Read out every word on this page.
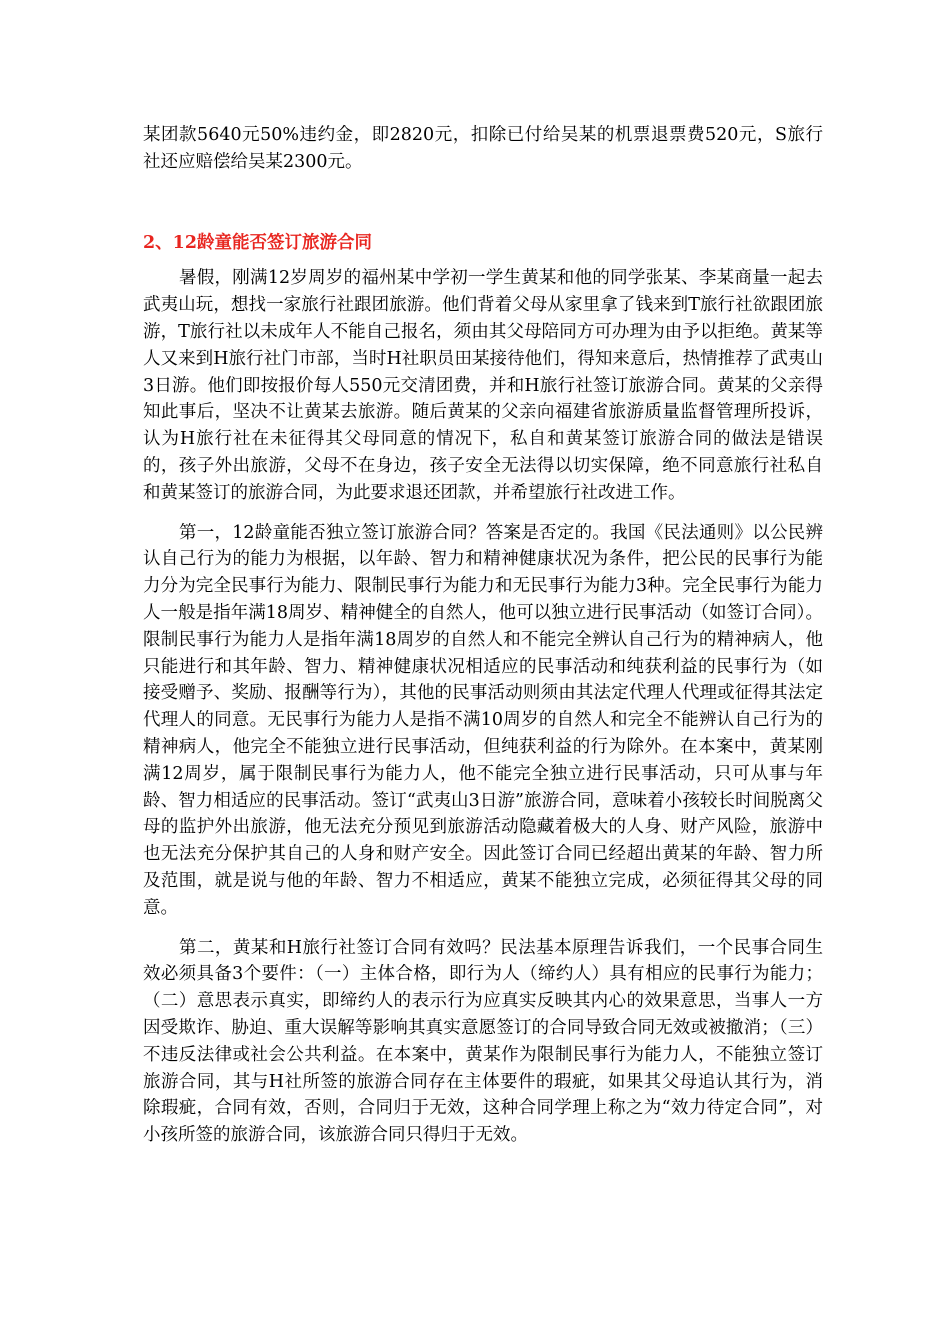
某团款5640元50%违约金，即2820元，扣除已付给吴某的机票退票费520元，S旅行社还应赔偿给吴某2300元。

2、12龄童能否签订旅游合同

暑假，刚满12岁周岁的福州某中学初一学生黄某和他的同学张某、李某商量一起去武夷山玩，想找一家旅行社跟团旅游。他们背着父母从家里拿了钱来到T旅行社欲跟团旅游，T旅行社以未成年人不能自己报名，须由其父母陪同方可办理为由予以拒绝。黄某等人又来到H旅行社门市部，当时H社职员田某接待他们，得知来意后，热情推荐了武夷山3日游。他们即按报价每人550元交清团费，并和H旅行社签订旅游合同。黄某的父亲得知此事后，坚决不让黄某去旅游。随后黄某的父亲向福建省旅游质量监督管理所投诉，认为H旅行社在未征得其父母同意的情况下，私自和黄某签订旅游合同的做法是错误的，孩子外出旅游，父母不在身边，孩子安全无法得以切实保障，绝不同意旅行社私自和黄某签订的旅游合同，为此要求退还团款，并希望旅行社改进工作。

第一，12龄童能否独立签订旅游合同？答案是否定的。我国《民法通则》以公民辨认自己行为的能力为根据，以年龄、智力和精神健康状况为条件，把公民的民事行为能力分为完全民事行为能力、限制民事行为能力和无民事行为能力3种。完全民事行为能力人一般是指年满18周岁、精神健全的自然人，他可以独立进行民事活动（如签订合同）。限制民事行为能力人是指年满18周岁的自然人和不能完全辨认自己行为的精神病人，他只能进行和其年龄、智力、精神健康状况相适应的民事活动和纯获利益的民事行为（如接受赠予、奖励、报酬等行为），其他的民事活动则须由其法定代理人代理或征得其法定代理人的同意。无民事行为能力人是指不满10周岁的自然人和完全不能辨认自己行为的精神病人，他完全不能独立进行民事活动，但纯获利益的行为除外。在本案中，黄某刚满12周岁，属于限制民事行为能力人，他不能完全独立进行民事活动，只可从事与年龄、智力相适应的民事活动。签订“武夷山3日游”旅游合同，意味着小孩较长时间脱离父母的监护外出旅游，他无法充分预见到旅游活动隐藏着极大的人身、财产风险，旅游中也无法充分保护其自己的人身和财产安全。因此签订合同已经超出黄某的年龄、智力所及范围，就是说与他的年龄、智力不相适应，黄某不能独立完成，必须征得其父母的同意。

第二，黄某和H旅行社签订合同有效吗？民法基本原理告诉我们，一个民事合同生效必须具备3个要件：（一）主体合格，即行为人（缔约人）具有相应的民事行为能力；（二）意思表示真实，即缔约人的表示行为应真实反映其内心的效果意思，当事人一方因受欺诈、胁迫、重大误解等影响其真实意愿签订的合同导致合同无效或被撤消；（三）不违反法律或社会公共利益。在本案中，黄某作为限制民事行为能力人，不能独立签订旅游合同，其与H社所签的旅游合同存在主体要件的瑕疵，如果其父母追认其行为，消除瑕疵，合同有效，否则，合同归于无效，这种合同学理上称之为“效力待定合同”，对小孩所签的旅游合同，该旅游合同只得归于无效。
